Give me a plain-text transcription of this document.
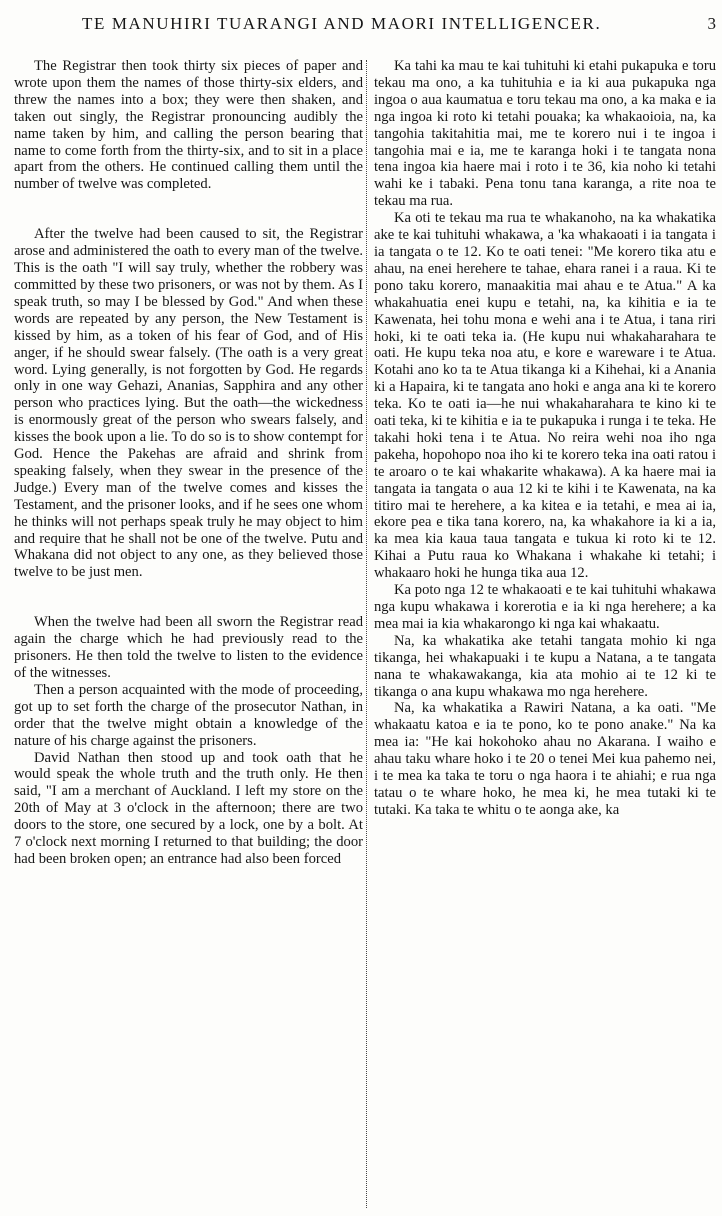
TE MANUHIRI TUARANGI AND MAORI INTELLIGENCER.	3

The Registrar then took thirty six pieces of paper and wrote upon them the names of those thirty-six elders, and threw the names into a box; they were then shaken, and taken out singly, the Registrar pronouncing audibly the name taken by him, and calling the person bearing that name to come forth from the thirty-six, and to sit in a place apart from the others. He continued calling them until the number of twelve was completed.

After the twelve had been caused to sit, the Registrar arose and administered the oath to every man of the twelve. This is the oath "I will say truly, whether the robbery was committed by these two prisoners, or was not by them. As I speak truth, so may I be blessed by God." And when these words are repeated by any person, the New Testament is kissed by him, as a token of his fear of God, and of His anger, if he should swear falsely. (The oath is a very great word. Lying generally, is not forgotten by God. He regards only in one way Gehazi, Ananias, Sapphira and any other person who practices lying. But the oath—the wickedness is enormously great of the person who swears falsely, and kisses the book upon a lie. To do so is to show contempt for God. Hence the Pakehas are afraid and shrink from speaking falsely, when they swear in the presence of the Judge.) Every man of the twelve comes and kisses the Testament, and the prisoner looks, and if he sees one whom he thinks will not perhaps speak truly he may object to him and require that he shall not be one of the twelve. Putu and Whakana did not object to any one, as they believed those twelve to be just men.

When the twelve had been all sworn the Registrar read again the charge which he had previously read to the prisoners. He then told the twelve to listen to the evidence of the witnesses.

Then a person acquainted with the mode of proceeding, got up to set forth the charge of the prosecutor Nathan, in order that the twelve might obtain a knowledge of the nature of his charge against the prisoners.

David Nathan then stood up and took oath that he would speak the whole truth and the truth only. He then said, "I am a merchant of Auckland. I left my store on the 20th of May at 3 o'clock in the afternoon; there are two doors to the store, one secured by a lock, one by a bolt. At 7 o'clock next morning I returned to that building; the door had been broken open; an entrance had also been forced

Ka tahi ka mau te kai tuhituhi ki etahi pukapuka e toru tekau ma ono, a ka tuhituhia e ia ki aua pukapuka nga ingoa o aua kaumatua e toru tekau ma ono, a ka maka e ia nga ingoa ki roto ki tetahi pouaka; ka whakaoioia, na, ka tangohia takitahitia mai, me te korero nui i te ingoa i tangohia mai e ia, me te karanga hoki i te tangata nona tena ingoa kia haere mai i roto i te 36, kia noho ki tetahi wahi ke i tabaki. Pena tonu tana karanga, a rite noa te tekau ma rua.

Ka oti te tekau ma rua te whakanoho, na ka whakatika ake te kai tuhituhi whakawa, a 'ka whakaoati i ia tangata i ia tangata o te 12. Ko te oati tenei: "Me korero tika atu e ahau, na enei herehere te tahae, ehara ranei i a raua. Ki te pono taku korero, manaakitia mai ahau e te Atua." A ka whakahuatia enei kupu e tetahi, na, ka kihitia e ia te Kawenata, hei tohu mona e wehi ana i te Atua, i tana riri hoki, ki te oati teka ia. (He kupu nui whakaharahara te oati. He kupu teka noa atu, e kore e wareware i te Atua. Kotahi ano ko ta te Atua tikanga ki a Kihehai, ki a Anania ki a Hapaira, ki te tangata ano hoki e anga ana ki te korero teka. Ko te oati ia—he nui whakaharahara te kino ki te oati teka, ki te kihitia e ia te pukapuka i runga i te teka. He takahi hoki tena i te Atua. No reira wehi noa iho nga pakeha, hopohopo noa iho ki te korero teka ina oati ratou i te aroaro o te kai whakarite whakawa). A ka haere mai ia tangata ia tangata o aua 12 ki te kihi i te Kawenata, na ka titiro mai te herehere, a ka kitea e ia tetahi, e mea ai ia, ekore pea e tika tana korero, na, ka whakahore ia ki a ia, ka mea kia kaua taua tangata e tukua ki roto ki te 12. Kihai a Putu raua ko Whakana i whakahe ki tetahi; i whakaaro hoki he hunga tika aua 12.

Ka poto nga 12 te whakaoati e te kai tuhituhi whakawa nga kupu whakawa i korerotia e ia ki nga herehere; a ka mea mai ia kia whakarongo ki nga kai whakaatu.

Na, ka whakatika ake tetahi tangata mohio ki nga tikanga, hei whakapuaki i te kupu a Natana, a te tangata nana te whakawakanga, kia ata mohio ai te 12 ki te tikanga o ana kupu whakawa mo nga herehere.

Na, ka whakatika a Rawiri Natana, a ka oati. "Me whakaatu katoa e ia te pono, ko te pono anake." Na ka mea ia: "He kai hokohoko ahau no Akarana. I waiho e ahau taku whare hoko i te 20 o tenei Mei kua pahemo nei, i te mea ka taka te toru o nga haora i te ahiahi; e rua nga tatau o te whare hoko, he mea ki, he mea tutaki ki te tutaki. Ka taka te whitu o te aonga ake, ka
